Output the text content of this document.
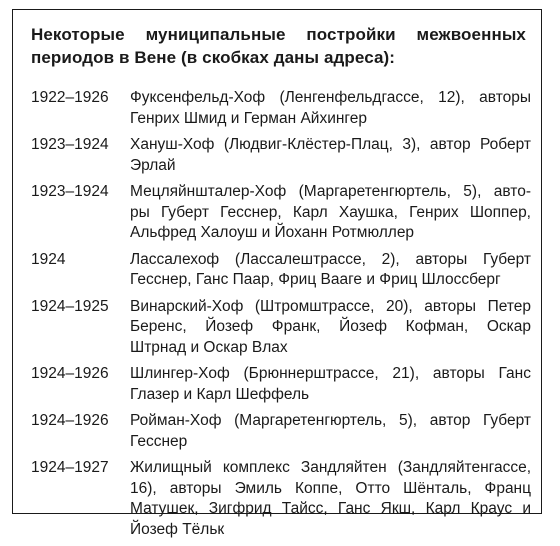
Некоторые муниципальные постройки межвоенных
периодов в Вене (в скобках даны адреса):
1922–1926	Фуксенфельд-Хоф (Ленгенфельдгассе, 12), авторы
Генрих Шмид и Герман Айхингер
1923–1924	Хануш-Хоф (Людвиг-Клёстер-Плац, 3), автор Роберт
Эрлай
1923–1924	Мецляйншталер-Хоф (Маргаретенгюртель, 5), авто-
ры Губерт Гесснер, Карл Хаушка, Генрих Шоппер,
Альфред Халоуш и Йоханн Ротмюллер
1924	Лассалехоф (Лассалештрассе, 2), авторы Губерт
Гесснер, Ганс Паар, Фриц Вааге и Фриц Шлоссберг
1924–1925	Винарский-Хоф (Штромштрассе, 20), авторы Петер
Беренс, Йозеф Франк, Йозеф Кофман, Оскар
Штрнад и Оскар Влах
1924–1926	Шлингер-Хоф (Брюннерштрассе, 21), авторы Ганс
Глазер и Карл Шеффель
1924–1926	Ройман-Хоф (Маргаретенгюртель, 5), автор Губерт
Гесснер
1924–1927	Жилищный комплекс Зандляйтен (Зандляйтенгассе,
16), авторы Эмиль Коппе, Отто Шёнталь, Франц
Матушек, Зигфрид Тайсс, Ганс Якш, Карл Краус и
Йозеф Тёльк
